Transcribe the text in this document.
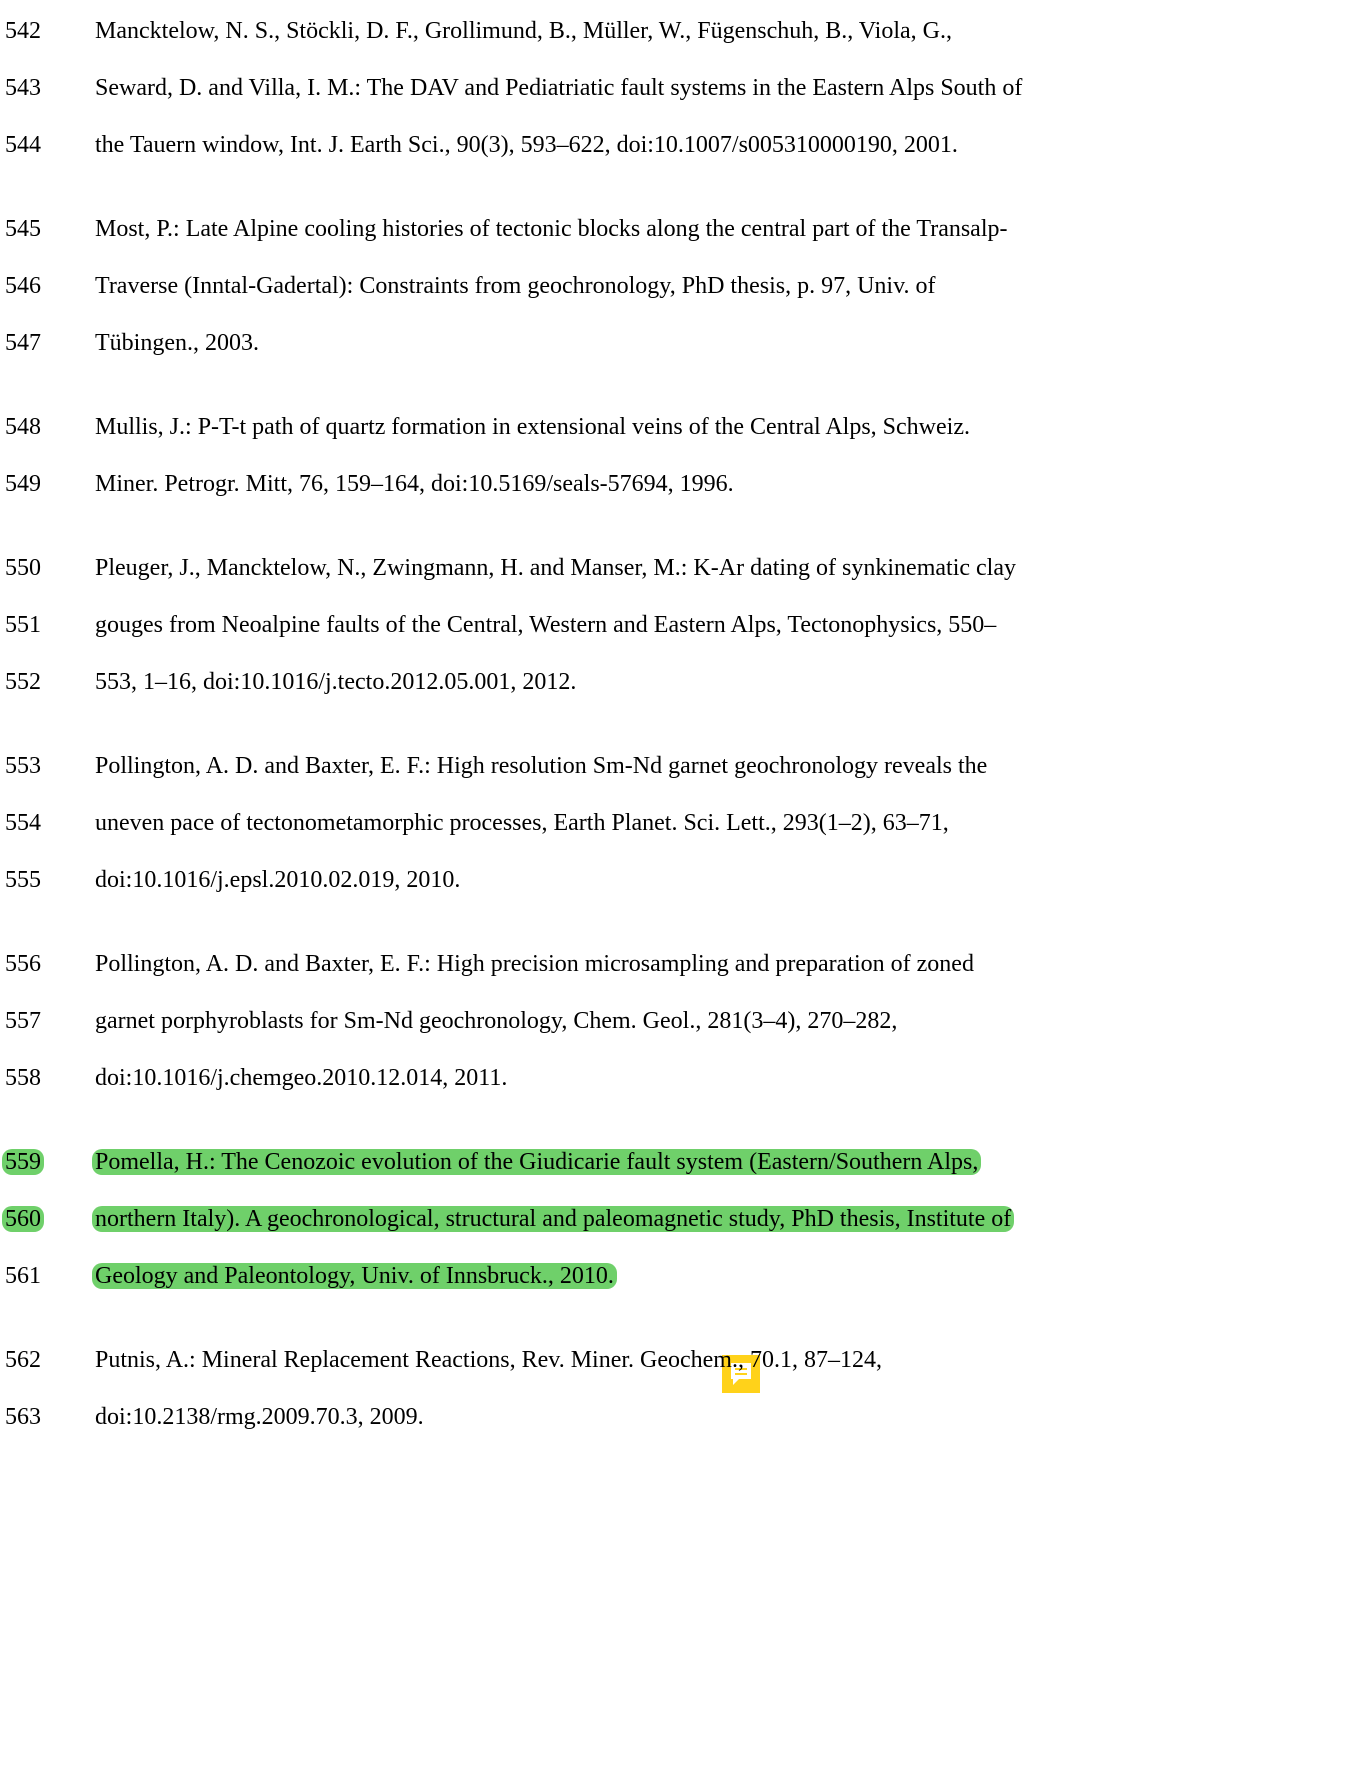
542 Mancktelow, N. S., Stöckli, D. F., Grollimund, B., Müller, W., Fügenschuh, B., Viola, G.,
543 Seward, D. and Villa, I. M.: The DAV and Pediatriatic fault systems in the Eastern Alps South of
544 the Tauern window, Int. J. Earth Sci., 90(3), 593–622, doi:10.1007/s005310000190, 2001.
545 Most, P.: Late Alpine cooling histories of tectonic blocks along the central part of the Transalp-
546 Traverse (Inntal-Gadertal): Constraints from geochronology, PhD thesis, p. 97, Univ. of
547 Tübingen., 2003.
548 Mullis, J.: P-T-t path of quartz formation in extensional veins of the Central Alps, Schweiz.
549 Miner. Petrogr. Mitt, 76, 159–164, doi:10.5169/seals-57694, 1996.
550 Pleuger, J., Mancktelow, N., Zwingmann, H. and Manser, M.: K-Ar dating of synkinematic clay
551 gouges from Neoalpine faults of the Central, Western and Eastern Alps, Tectonophysics, 550–
552 553, 1–16, doi:10.1016/j.tecto.2012.05.001, 2012.
553 Pollington, A. D. and Baxter, E. F.: High resolution Sm-Nd garnet geochronology reveals the
554 uneven pace of tectonometamorphic processes, Earth Planet. Sci. Lett., 293(1–2), 63–71,
555 doi:10.1016/j.epsl.2010.02.019, 2010.
556 Pollington, A. D. and Baxter, E. F.: High precision microsampling and preparation of zoned
557 garnet porphyroblasts for Sm-Nd geochronology, Chem. Geol., 281(3–4), 270–282,
558 doi:10.1016/j.chemgeo.2010.12.014, 2011.
559 Pomella, H.: The Cenozoic evolution of the Giudicarie fault system (Eastern/Southern Alps,
560 northern Italy). A geochronological, structural and paleomagnetic study, PhD thesis, Institute of
561 Geology and Paleontology, Univ. of Innsbruck., 2010.
562 Putnis, A.: Mineral Replacement Reactions, Rev. Miner. Geochem., 70.1, 87–124,
563 doi:10.2138/rmg.2009.70.3, 2009.
